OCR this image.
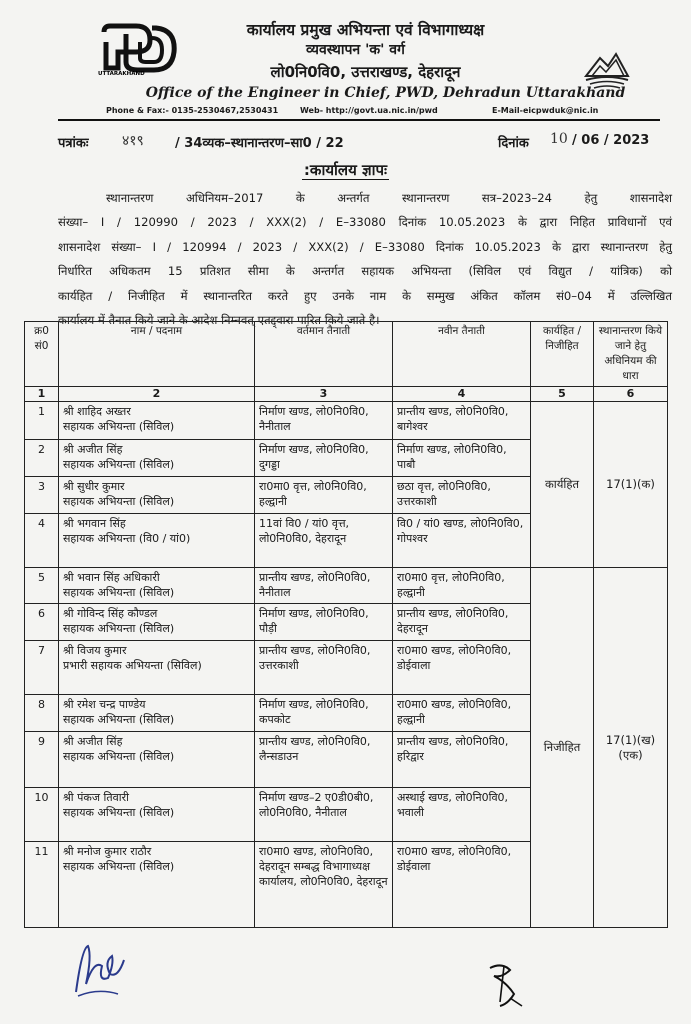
UTTARAKHAND
कार्यालय प्रमुख अभियन्ता एवं विभागाध्यक्ष
व्यवस्थापन 'क' वर्ग
लो0नि0वि0, उत्तराखण्ड, देहरादून
Office of the Engineer in Chief, PWD, Dehradun Uttarakhand
Phone & Fax:- 0135-2530467,2530431	Web- http://govt.ua.nic.in/pwd	E-Mail-eicpwduk@nic.in
पत्रांकः ४१९ / 34व्यक–स्थानान्तरण–सा0 / 22	दिनांक 10 / 06 / 2023
:कार्यालय ज्ञापः
स्थानान्तरण अधिनियम–2017 के अन्तर्गत स्थानान्तरण सत्र–2023–24 हेतु शासनादेश
संख्या– I / 120990 / 2023 / XXX(2) / E–33080 दिनांक 10.05.2023 के द्वारा निहित प्राविधानों एवं
शासनादेश संख्या– I / 120994 / 2023 / XXX(2) / E–33080 दिनांक 10.05.2023 के द्वारा स्थानान्तरण हेतु
निर्धारित अधिकतम 15 प्रतिशत सीमा के अन्तर्गत सहायक अभियन्ता (सिविल एवं विद्युत / यांत्रिक) को
कार्यहित / निजीहित में स्थानान्तरित करते हुए उनके नाम के सम्मुख अंकित कॉलम सं0–04 में उल्लिखित
कार्यालय में तैनात किये जाने के आदेश निम्नवत् एतद्द्वारा पारित किये जाते है।
क्र0 सं0	नाम / पदनाम	वर्तमान तैनाती	नवीन तैनाती	कार्यहित / निजीहित	स्थानान्तरण किये जाने हेतु अधिनियम की धारा
1	2	3	4	5	6
1	श्री शाहिद अख्तर
सहायक अभियन्ता (सिविल)	निर्माण खण्ड, लो0नि0वि0, नैनीताल	प्रान्तीय खण्ड, लो0नि0वि0, बागेश्वर	कार्यहित	17(1)(क)
2	श्री अजीत सिंह
सहायक अभियन्ता (सिविल)	निर्माण खण्ड, लो0नि0वि0, दुगड्डा	निर्माण खण्ड, लो0नि0वि0, पाबौ		
3	श्री सुधीर कुमार
सहायक अभियन्ता (सिविल)	रा0मा0 वृत्त, लो0नि0वि0, हल्द्वानी	छठा वृत्त, लो0नि0वि0, उत्तरकाशी		
4	श्री भगवान सिंह
सहायक अभियन्ता (वि0 / यां0)	11वां वि0 / यां0 वृत्त, लो0नि0वि0, देहरादून	वि0 / यां0 खण्ड, लो0नि0वि0, गोपश्वर		
5	श्री भवान सिंह अधिकारी
सहायक अभियन्ता (सिविल)	प्रान्तीय खण्ड, लो0नि0वि0, नैनीताल	रा0मा0 वृत्त, लो0नि0वि0, हल्द्वानी	निजीहित	17(1)(ख)(एक)
6	श्री गोविन्द सिंह कौण्डल
सहायक अभियन्ता (सिविल)	निर्माण खण्ड, लो0नि0वि0, पौड़ी	प्रान्तीय खण्ड, लो0नि0वि0, देहरादून		
7	श्री विजय कुमार
प्रभारी सहायक अभियन्ता (सिविल)	प्रान्तीय खण्ड, लो0नि0वि0, उत्तरकाशी	रा0मा0 खण्ड, लो0नि0वि0, डोईवाला		
8	श्री रमेश चन्द्र पाण्डेय
सहायक अभियन्ता (सिविल)	निर्माण खण्ड, लो0नि0वि0, कपकोट	रा0मा0 खण्ड, लो0नि0वि0, हल्द्वानी		
9	श्री अजीत सिंह
सहायक अभियन्ता (सिविल)	प्रान्तीय खण्ड, लो0नि0वि0, लैन्सडाउन	प्रान्तीय खण्ड, लो0नि0वि0, हरिद्वार		
10	श्री पंकज तिवारी
सहायक अभियन्ता (सिविल)	निर्माण खण्ड–2 ए0डी0बी0, लो0नि0वि0, नैनीताल	अस्थाई खण्ड, लो0नि0वि0, भवाली		
11	श्री मनोज कुमार राठौर
सहायक अभियन्ता (सिविल)	रा0मा0 खण्ड, लो0नि0वि0, देहरादून सम्बद्ध विभागाध्यक्ष कार्यालय, लो0नि0वि0, देहरादून	रा0मा0 खण्ड, लो0नि0वि0, डोईवाला		
